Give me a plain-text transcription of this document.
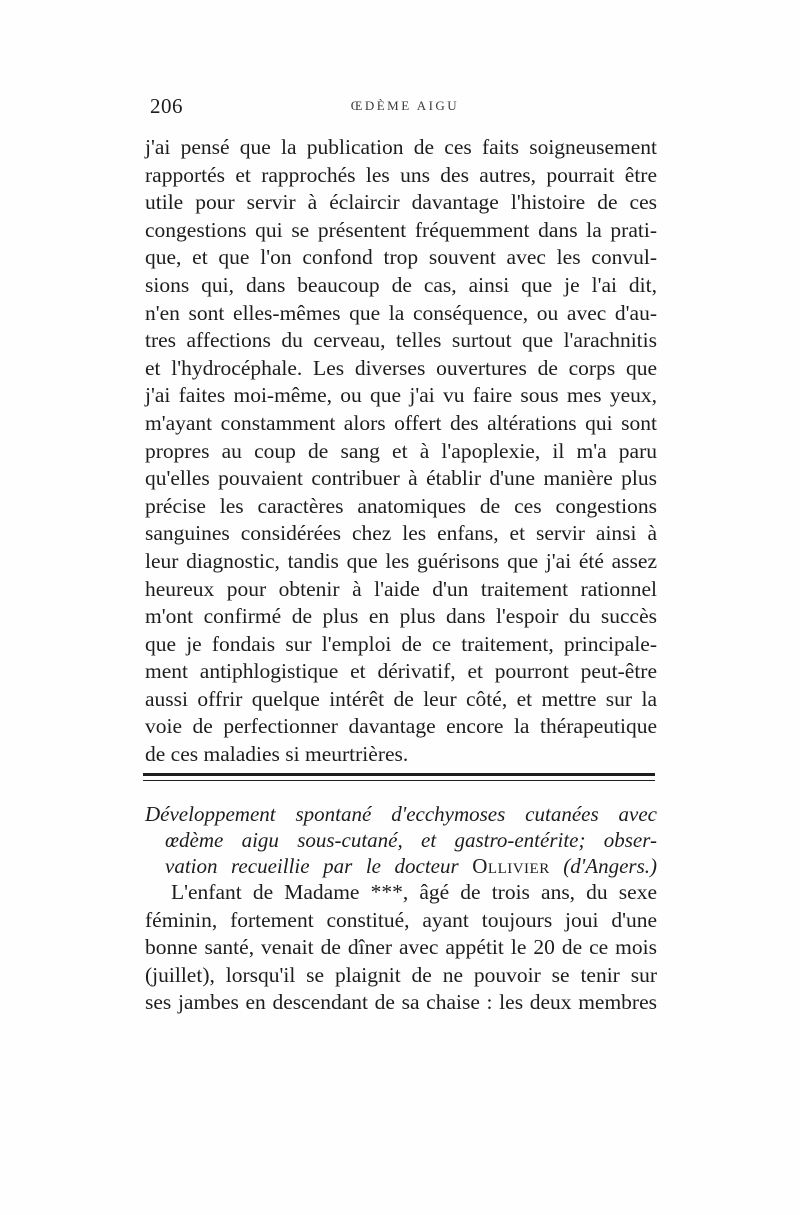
206	ŒDÈME AIGU
j'ai pensé que la publication de ces faits soigneusement
rapportés et rapprochés les uns des autres, pourrait être
utile pour servir à éclaircir davantage l'histoire de ces
congestions qui se présentent fréquemment dans la prati-
que, et que l'on confond trop souvent avec les convul-
sions qui, dans beaucoup de cas, ainsi que je l'ai dit,
n'en sont elles-mêmes que la conséquence, ou avec d'au-
tres affections du cerveau, telles surtout que l'arachnitis
et l'hydrocéphale. Les diverses ouvertures de corps que
j'ai faites moi-même, ou que j'ai vu faire sous mes yeux,
m'ayant constamment alors offert des altérations qui sont
propres au coup de sang et à l'apoplexie, il m'a paru
qu'elles pouvaient contribuer à établir d'une manière plus
précise les caractères anatomiques de ces congestions
sanguines considérées chez les enfans, et servir ainsi à
leur diagnostic, tandis que les guérisons que j'ai été assez
heureux pour obtenir à l'aide d'un traitement rationnel
m'ont confirmé de plus en plus dans l'espoir du succès
que je fondais sur l'emploi de ce traitement, principale-
ment antiphlogistique et dérivatif, et pourront peut-être
aussi offrir quelque intérêt de leur côté, et mettre sur la
voie de perfectionner davantage encore la thérapeutique
de ces maladies si meurtrières.
Développement spontané d'ecchymoses cutanées avec
œdème aigu sous-cutané, et gastro-entérite; obser-
vation recueillie par le docteur Ollivier (d'Angers.)
L'enfant de Madame ***, âgé de trois ans, du sexe
féminin, fortement constitué, ayant toujours joui d'une
bonne santé, venait de dîner avec appétit le 20 de ce mois
(juillet), lorsqu'il se plaignit de ne pouvoir se tenir sur
ses jambes en descendant de sa chaise : les deux membres
